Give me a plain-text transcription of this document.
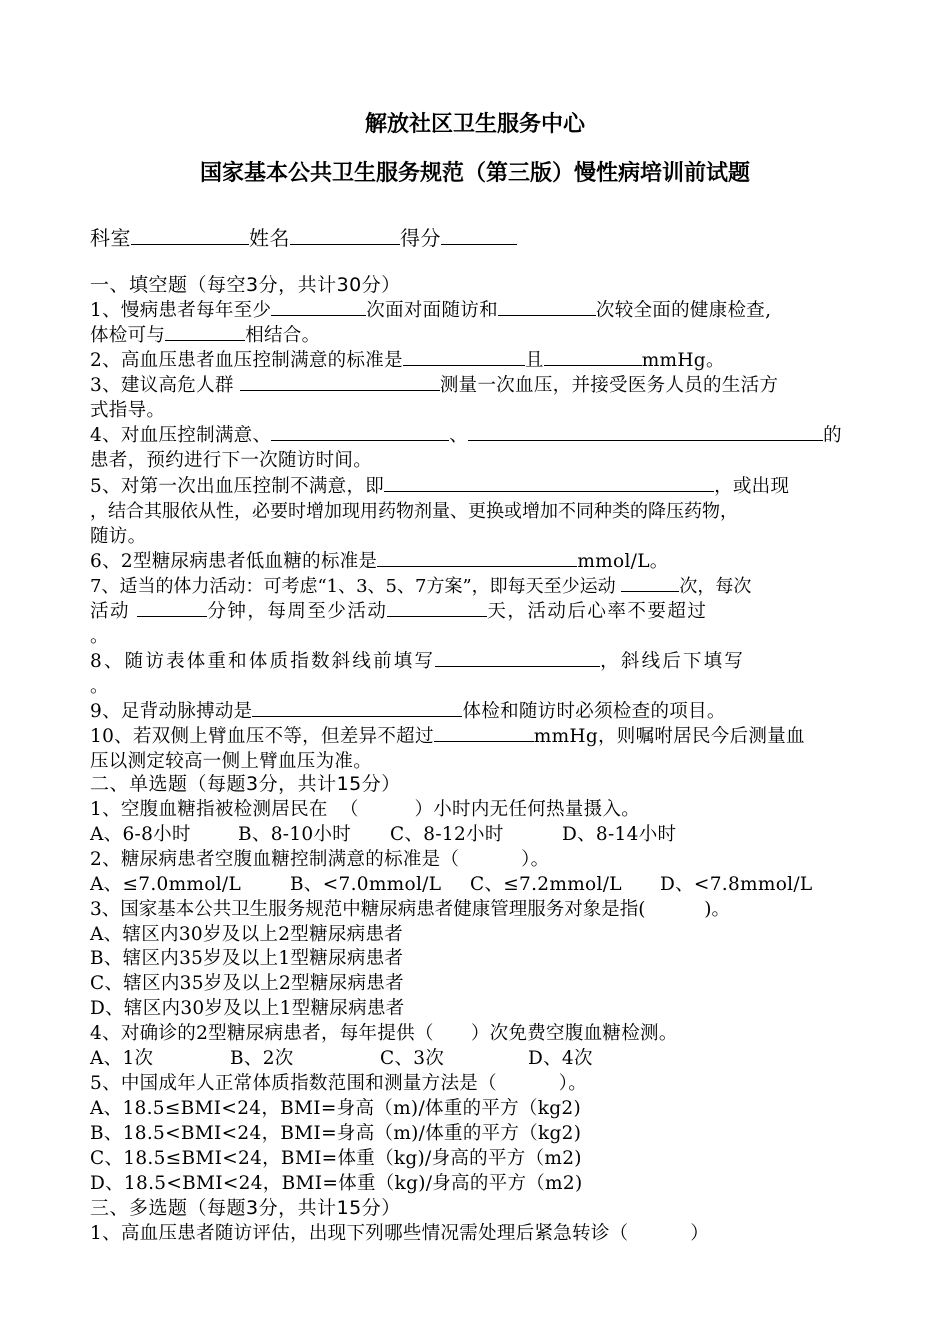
解放社区卫生服务中心
国家基本公共卫生服务规范（第三版）慢性病培训前试题
科室	姓名	得分
一、填空题（每空3分，共计30分）
1、慢病患者每年至少	次面对面随访和	次较全面的健康检查,
体检可与	相结合。
2、高血压患者血压控制满意的标准是	且	mmHg。
3、建议高危人群	测量一次血压，并接受医务人员的生活方
式指导。
4、对血压控制满意、	、	的
患者，预约进行下一次随访时间。
5、对第一次出血压控制不满意，即	，或出现
，结合其服依从性，必要时增加现用药物剂量、更换或增加不同种类的降压药物，
随访。
6、2型糖尿病患者低血糖的标准是	mmol/L。
7、适当的体力活动：可考虑“1、3、5、7方案”，即每天至少运动	次，每次
活动	分钟，每周至少活动	天，活动后心率不要超过
。
8、随访表体重和体质指数斜线前填写	，斜线后下填写
。
9、足背动脉搏动是	体检和随访时必须检查的项目。
10、若双侧上臂血压不等，但差异不超过	mmHg，则嘱咐居民今后测量血
压以测定较高一侧上臂血压为准。
二、单选题（每题3分，共计15分）
1、空腹血糖指被检测居民在  （         ）小时内无任何热量摄入。
A、6-8小时	B、8-10小时 C、8-12小时	D、8-14小时
2、糖尿病患者空腹血糖控制满意的标准是（          ）。
A、≤7.0mmol/L	B、<7.0mmol/L C、≤7.2mmol/L D、<7.8mmol/L
3、国家基本公共卫生服务规范中糖尿病患者健康管理服务对象是指(          )。
A、辖区内30岁及以上2型糖尿病患者
B、辖区内35岁及以上1型糖尿病患者
C、辖区内35岁及以上2型糖尿病患者
D、辖区内30岁及以上1型糖尿病患者
4、对确诊的2型糖尿病患者，每年提供（      ）次免费空腹血糖检测。
A、1次	B、2次	C、3次	D、4次
5、中国成年人正常体质指数范围和测量方法是（          ）。
A、18.5≤BMI<24，BMI=身高（m)/体重的平方（kg2)
B、18.5<BMI<24，BMI=身高（m)/体重的平方（kg2)
C、18.5≤BMI<24，BMI=体重（kg)/身高的平方（m2)
D、18.5<BMI<24，BMI=体重（kg)/身高的平方（m2)
三、多选题（每题3分，共计15分）
1、高血压患者随访评估，出现下列哪些情况需处理后紧急转诊（          ）
